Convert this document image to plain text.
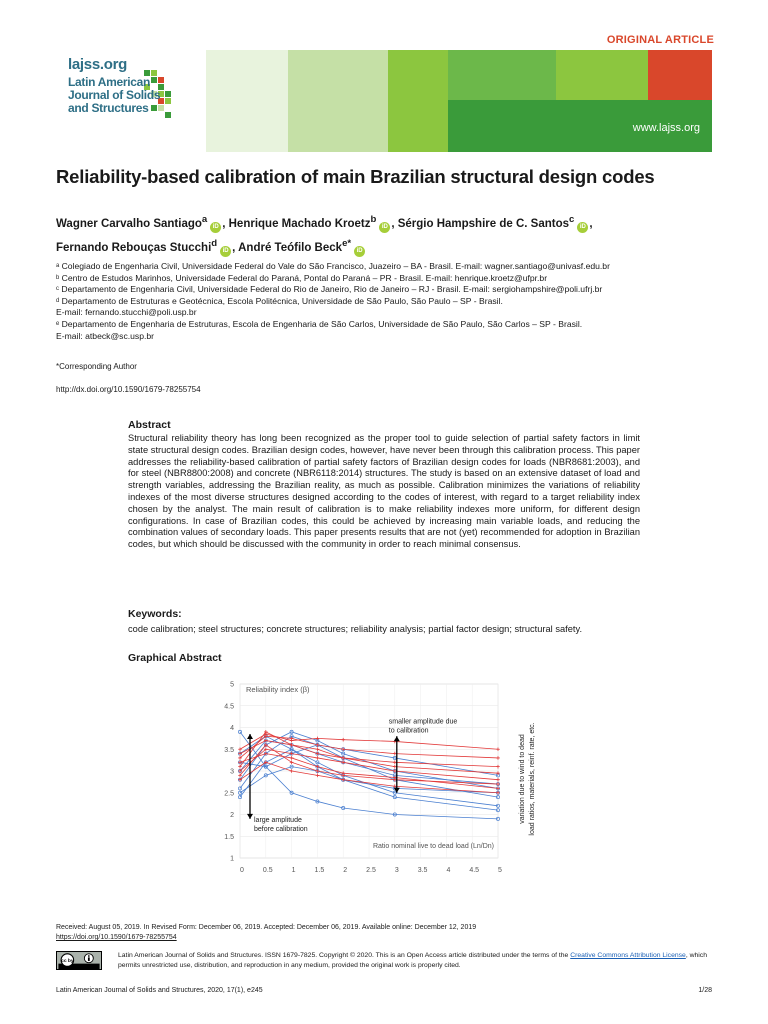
ORIGINAL ARTICLE
lajss.org
Latin American
Journal of Solids
and Structures
www.lajss.org
Reliability-based calibration of main Brazilian structural design codes
Wagner Carvalho Santiago$^a$iD , Henrique Machado Kroetz$^b$iD , Sérgio Hampshire de C. Santos$^c$iD ,
Fernando Rebouças Stucchi$^d$iD , André Teófilo Beck$^{e*}$iD
ᵃ Colegiado de Engenharia Civil, Universidade Federal do Vale do São Francisco, Juazeiro – BA - Brasil. E-mail: wagner.santiago@univasf.edu.br
ᵇ Centro de Estudos Marinhos, Universidade Federal do Paraná, Pontal do Paraná – PR - Brasil. E-mail: henrique.kroetz@ufpr.br
ᶜ Departamento de Engenharia Civil, Universidade Federal do Rio de Janeiro, Rio de Janeiro – RJ - Brasil. E-mail: sergiohampshire@poli.ufrj.br
ᵈ Departamento de Estruturas e Geotécnica, Escola Politécnica, Universidade de São Paulo, São Paulo – SP - Brasil.
E-mail: fernando.stucchi@poli.usp.br
ᵉ Departamento de Engenharia de Estruturas, Escola de Engenharia de São Carlos, Universidade de São Paulo, São Carlos – SP - Brasil.
E-mail: atbeck@sc.usp.br
*Corresponding Author
http://dx.doi.org/10.1590/1679-78255754
Abstract
Structural reliability theory has long been recognized as the proper tool to guide selection of partial safety factors in limit state structural design codes. Brazilian design codes, however, have never been through this calibration process. This paper addresses the reliability-based calibration of partial safety factors of Brazilian design codes for loads (NBR8681:2003), and for steel (NBR8800:2008) and concrete (NBR6118:2014) structures. The study is based on an extensive dataset of load and strength variables, addressing the Brazilian reality, as much as possible. Calibration minimizes the variations of reliability indexes of the most diverse structures designed according to the codes of interest, with regard to a target reliability index chosen by the analyst. The main result of calibration is to make reliability indexes more uniform, for different design configurations. In case of Brazilian codes, this could be achieved by increasing main variable loads, and reducing the combination values of secondary loads. This paper presents results that are not (yet) recommended for adoption in Brazilian codes, but which should be discussed with the community in order to reach minimal consensus.
Keywords:
code calibration; steel structures; concrete structures; reliability analysis; partial factor design; structural safety.
Graphical Abstract
1
1.5
2
2.5
3
3.5
4
4.5
5
0	0.5	1	1.5	2	2.5	3	3.5	4	4.5	5
Reliability index (β)
Ratio nominal live to dead load (Ln/Dn)
smaller amplitude due to calibration
large amplitude before calibration
variation due to wind to dead load ratios, materials, reinf. rate, etc.
Received: August 05, 2019. In Revised Form: December 06, 2019. Accepted: December 06, 2019. Available online: December 12, 2019
https://doi.org/10.1590/1679-78255754
cc by
Latin American Journal of Solids and Structures. ISSN 1679-7825. Copyright © 2020. This is an Open Access article distributed under the terms of the Creative Commons Attribution License, which permits unrestricted use, distribution, and reproduction in any medium, provided the original work is properly cited.
Latin American Journal of Solids and Structures, 2020, 17(1), e245	1/28
